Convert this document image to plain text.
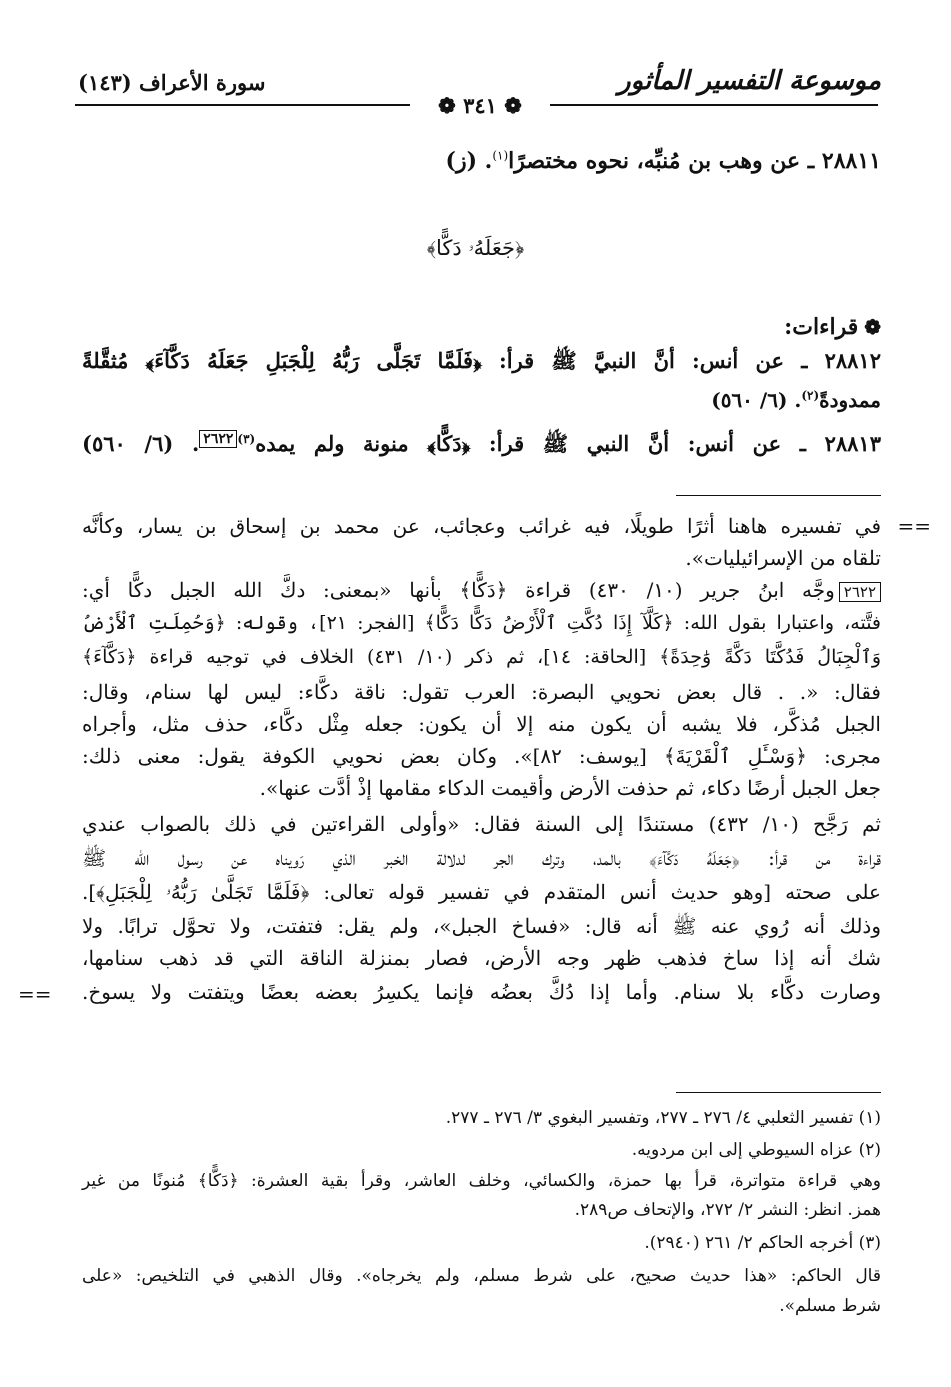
موسوعة التفسير المأثور
سورة الأعراف (١٤٣)
❁ ٣٤١ ❁
٢٨٨١١ ـ عن وهب بن مُنبِّه، نحوه مختصرًا$^{(١)}$. (ز)
﴿جَعَلَهُۥ دَكًّا﴾
❁قراءات:
٢٨٨١٢ ـ عن أنس: أنَّ النبيَّ ﷺ قرأ: ﴿فَلَمَّا تَجَلَّى رَبُّهُ لِلْجَبَلِ جَعَلَهُ دَكَّآءَ﴾ مُثقَّلةً
ممدودةً$^{(٢)}$. (٦/ ٥٦٠)
٢٨٨١٣ ـ عن أنس: أنَّ النبي ﷺ قرأ: ﴿دَكًّا﴾ منونة ولم يمده$^{(٣)}$٢٦٢٢. (٦/ ٥٦٠)
==
في تفسيره هاهنا أثرًا طويلًا، فيه غرائب وعجائب، عن محمد بن إسحاق بن يسار، وكأنَّه
تلقاه من الإسرائيليات».
٢٦٢٢وجَّه ابنُ جرير (١٠/ ٤٣٠) قراءة ﴿دَكًّا﴾ بأنها «بمعنى: دكَّ الله الجبل دكًّا أي:
فتَّته، واعتبارا بقول الله: ﴿كَلَّآ إِذَا دُكَّتِ ٱلْأَرْضُ دَكًّا دَكًّا﴾ [الفجر: ٢١]، وقوله: ﴿وَحُمِلَتِ ٱلْأَرْضُ
وَٱلْجِبَالُ فَدُكَّتَا دَكَّةً وَٰحِدَةً﴾ [الحاقة: ١٤]، ثم ذكر (١٠/ ٤٣١) الخلاف في توجيه قراءة ﴿دَكَّآءَ﴾
فقال: «. . قال بعض نحويي البصرة: العرب تقول: ناقة دكَّاء: ليس لها سنام، وقال:
الجبل مُذكَّر، فلا يشبه أن يكون منه إلا أن يكون: جعله مِثْل دكَّاء، حذف مثل، وأجراه
مجرى: ﴿وَسْـَٔلِ ٱلْقَرْيَةَ﴾ [يوسف: ٨٢]». وكان بعض نحويي الكوفة يقول: معنى ذلك:
جعل الجبل أرضًا دكاء، ثم حذفت الأرض وأقيمت الدكاء مقامها إذْ أدَّت عنها».
ثم رَجَّح (١٠/ ٤٣٢) مستندًا إلى السنة فقال: «وأولى القراءتين في ذلك بالصواب عندي
قراءة من قرأ: ﴿جَعَلَهُ دَكَّآءَ﴾ بالمد، وترك الجر لدلالة الخبر الذي رَويناه عن رسول الله ﷺ
على صحته [وهو حديث أنس المتقدم في تفسير قوله تعالى: ﴿فَلَمَّا تَجَلَّىٰ رَبُّهُۥ لِلْجَبَلِ﴾].
وذلك أنه رُوي عنه ﷺ أنه قال: «فساخ الجبل»، ولم يقل: فتفتت، ولا تحوَّل ترابًا. ولا
شك أنه إذا ساخ فذهب ظهر وجه الأرض، فصار بمنزلة الناقة التي قد ذهب سنامها،
وصارت دكَّاء بلا سنام. وأما إذا دُكَّ بعضُه فإنما يكسِرُ بعضه بعضًا ويتفتت ولا يسوخ.
==
(١) تفسير الثعلبي ٤/ ٢٧٦ ـ ٢٧٧، وتفسير البغوي ٣/ ٢٧٦ ـ ٢٧٧.
(٢) عزاه السيوطي إلى ابن مردويه.
وهي قراءة متواترة، قرأ بها حمزة، والكسائي، وخلف العاشر، وقرأ بقية العشرة: ﴿دَكًّا﴾ مُنونًا من غير
همز. انظر: النشر ٢/ ٢٧٢، والإتحاف ص٢٨٩.
(٣) أخرجه الحاكم ٢/ ٢٦١ (٢٩٤٠).
قال الحاكم: «هذا حديث صحيح، على شرط مسلم، ولم يخرجاه». وقال الذهبي في التلخيص: «على
شرط مسلم».
